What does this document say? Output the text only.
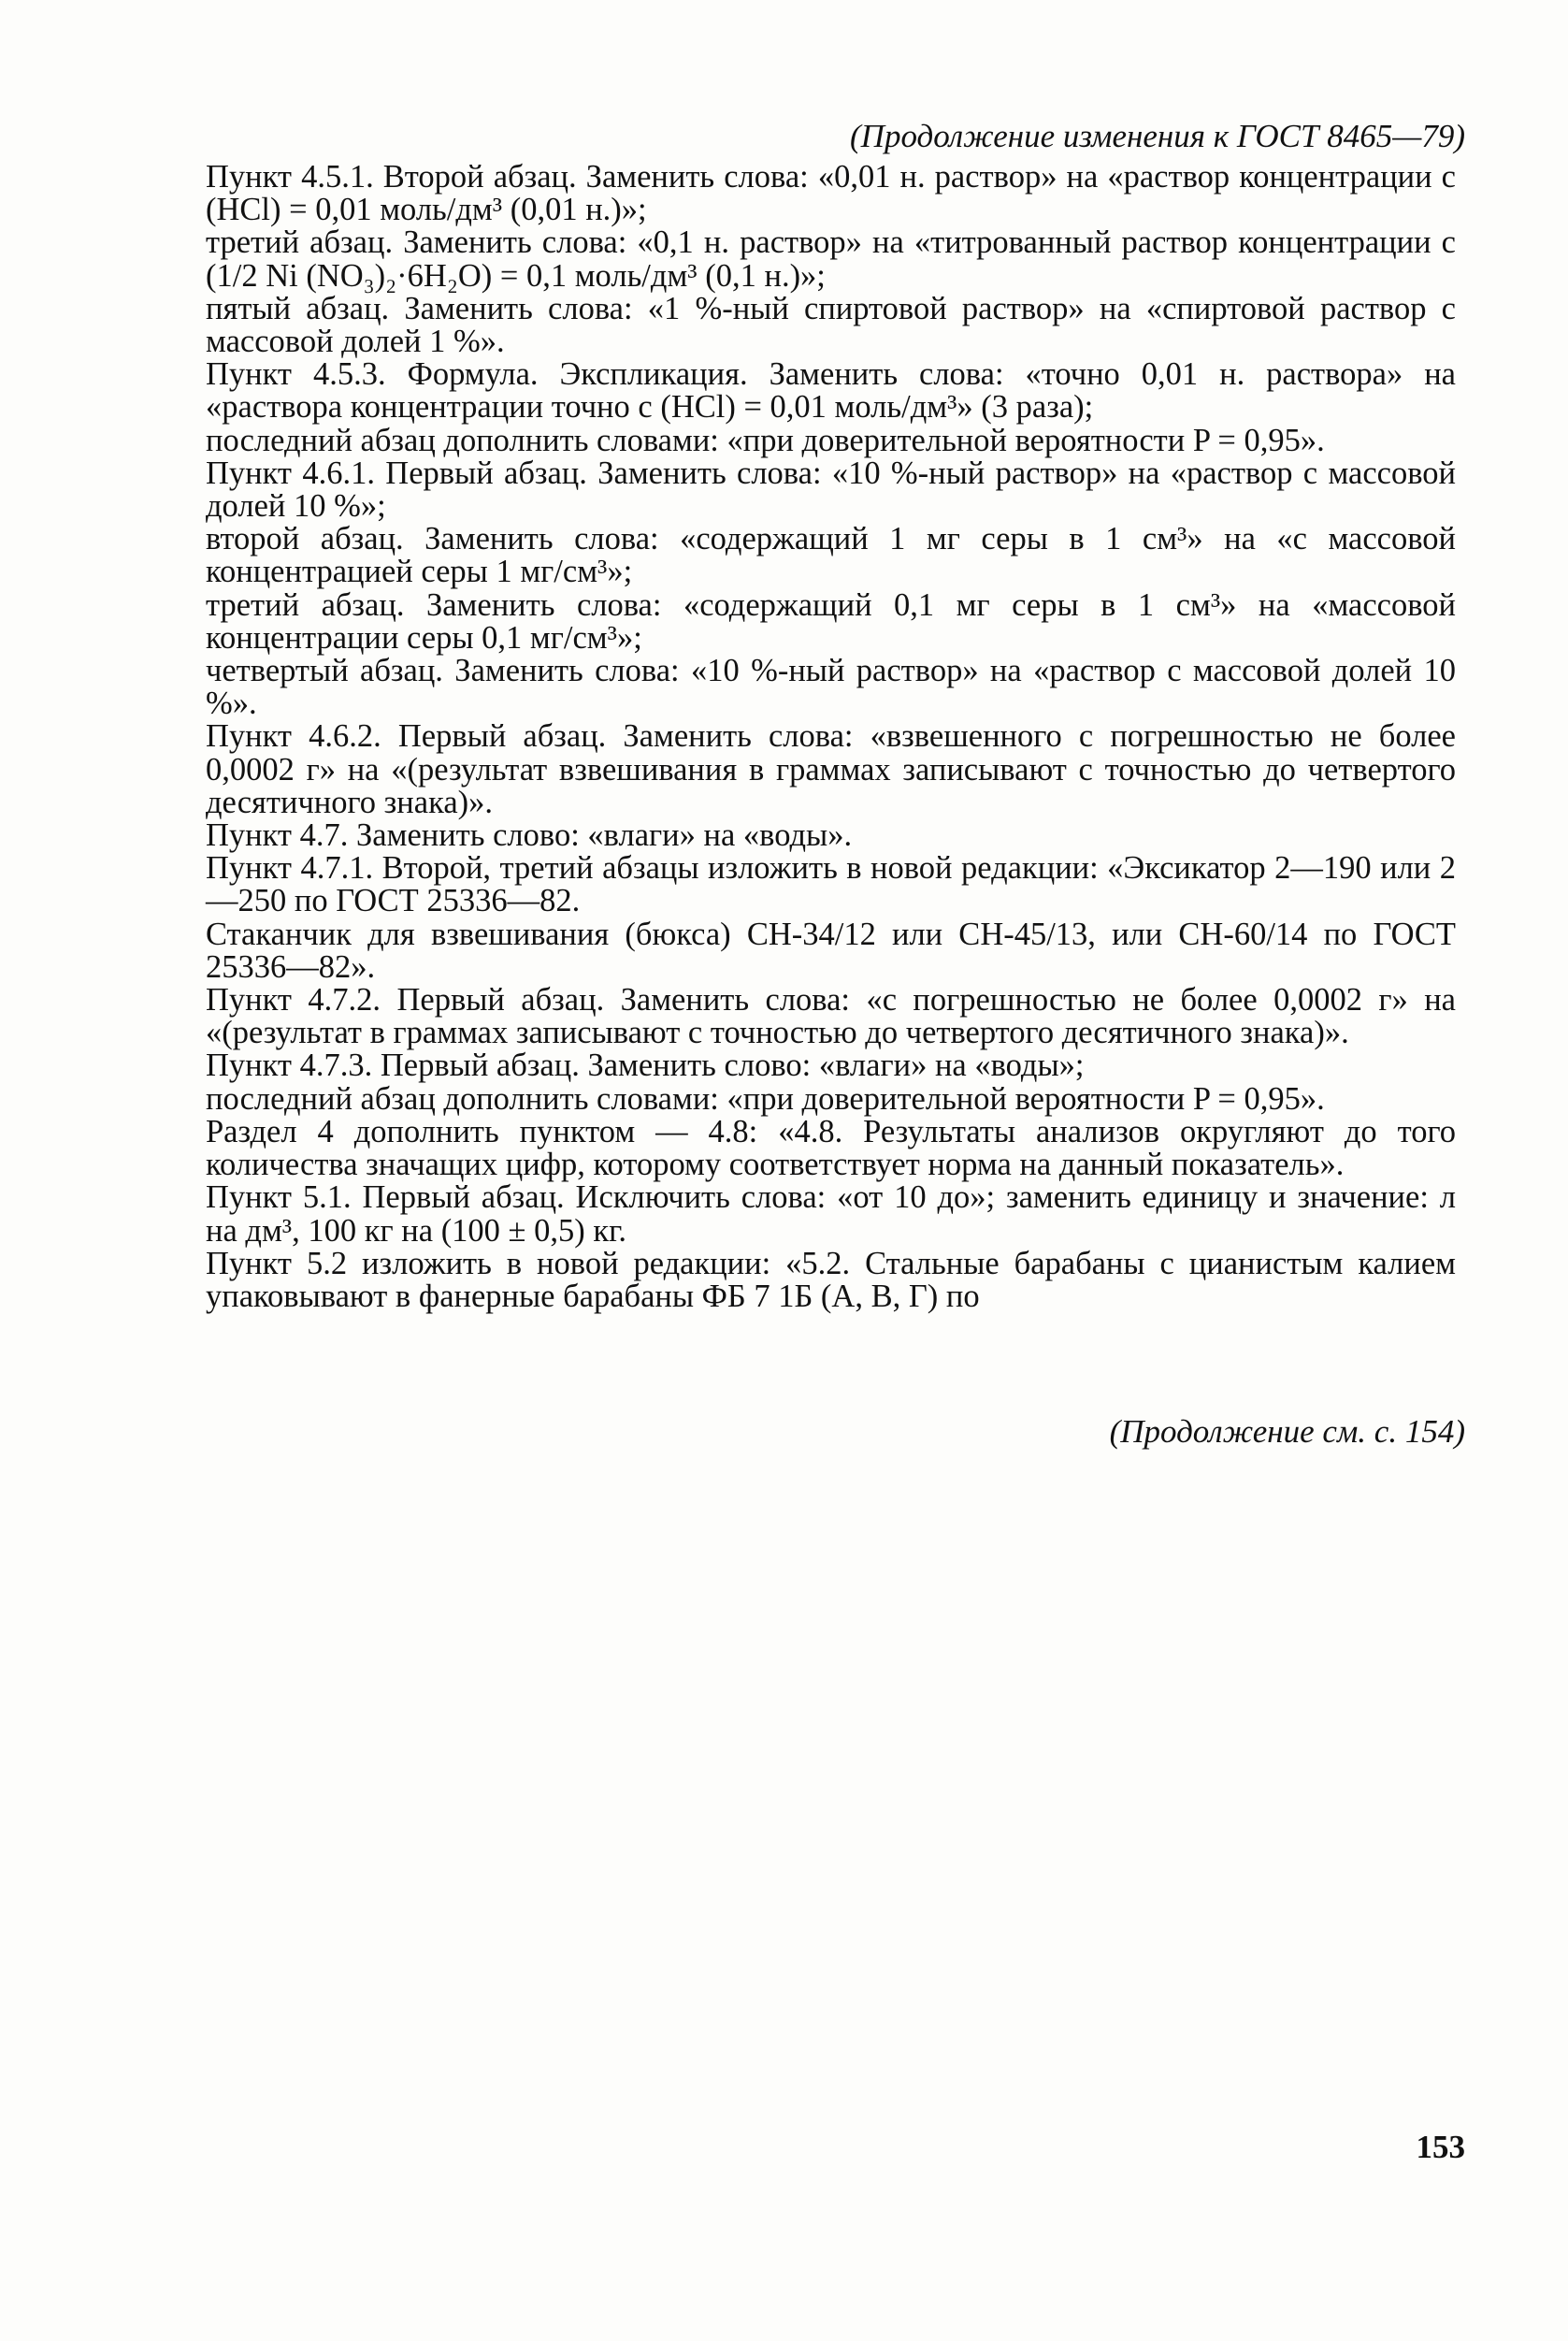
(Продолжение изменения к ГОСТ 8465—79)

Пункт 4.5.1. Второй абзац. Заменить слова: «0,01 н. раствор» на «раствор концентрации c (HCl) = 0,01 моль/дм³ (0,01 н.)»;

третий абзац. Заменить слова: «0,1 н. раствор» на «титрованный раствор концентрации c (1/2 Ni (NO₃)₂·6H₂O) = 0,1 моль/дм³ (0,1 н.)»;

пятый абзац. Заменить слова: «1 %-ный спиртовой раствор» на «спиртовой раствор с массовой долей 1 %».

Пункт 4.5.3. Формула. Экспликация. Заменить слова: «точно 0,01 н. раствора» на «раствора концентрации точно c (HCl) = 0,01 моль/дм³» (3 раза);

последний абзац дополнить словами: «при доверительной вероятности P = 0,95».

Пункт 4.6.1. Первый абзац. Заменить слова: «10 %-ный раствор» на «раствор с массовой долей 10 %»;

второй абзац. Заменить слова: «содержащий 1 мг серы в 1 см³» на «с массовой концентрацией серы 1 мг/см³»;

третий абзац. Заменить слова: «содержащий 0,1 мг серы в 1 см³» на «массовой концентрации серы 0,1 мг/см³»;

четвертый абзац. Заменить слова: «10 %-ный раствор» на «раствор с массовой долей 10 %».

Пункт 4.6.2. Первый абзац. Заменить слова: «взвешенного с погрешностью не более 0,0002 г» на «(результат взвешивания в граммах записывают с точностью до четвертого десятичного знака)».

Пункт 4.7. Заменить слово: «влаги» на «воды».

Пункт 4.7.1. Второй, третий абзацы изложить в новой редакции: «Эксикатор 2—190 или 2—250 по ГОСТ 25336—82.

Стаканчик для взвешивания (бюкса) СН-34/12 или СН-45/13, или СН-60/14 по ГОСТ 25336—82».

Пункт 4.7.2. Первый абзац. Заменить слова: «с погрешностью не более 0,0002 г» на «(результат в граммах записывают с точностью до четвертого десятичного знака)».

Пункт 4.7.3. Первый абзац. Заменить слово: «влаги» на «воды»;

последний абзац дополнить словами: «при доверительной вероятности P = 0,95».

Раздел 4 дополнить пунктом — 4.8: «4.8. Результаты анализов округляют до того количества значащих цифр, которому соответствует норма на данный показатель».

Пункт 5.1. Первый абзац. Исключить слова: «от 10 до»; заменить единицу и значение: л на дм³, 100 кг на (100 ± 0,5) кг.

Пункт 5.2 изложить в новой редакции: «5.2. Стальные барабаны с цианистым калием упаковывают в фанерные барабаны ФБ 7 1Б (А, В, Г) по

(Продолжение см. с. 154)
153
